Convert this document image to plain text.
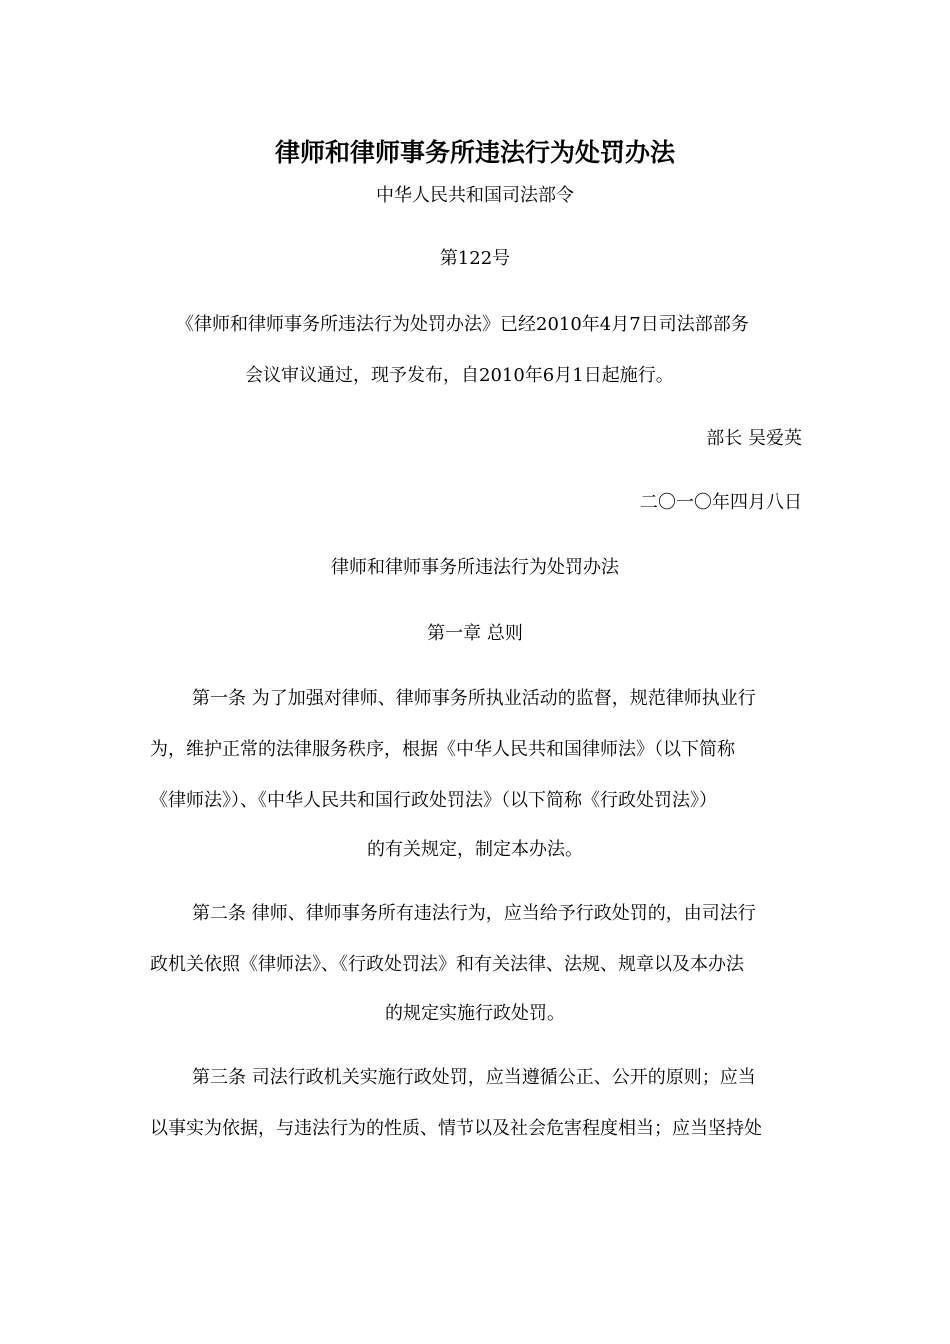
律师和律师事务所违法行为处罚办法
中华人民共和国司法部令
第122号
《律师和律师事务所违法行为处罚办法》已经2010年4月7日司法部部务
会议审议通过，现予发布，自2010年6月1日起施行。
部长 吴爱英
二〇一〇年四月八日
律师和律师事务所违法行为处罚办法
第一章 总则
第一条 为了加强对律师、律师事务所执业活动的监督，规范律师执业行
为，维护正常的法律服务秩序，根据《中华人民共和国律师法》（以下简称
《律师法》）、《中华人民共和国行政处罚法》（以下简称《行政处罚法》）
的有关规定，制定本办法。
第二条 律师、律师事务所有违法行为，应当给予行政处罚的，由司法行
政机关依照《律师法》、《行政处罚法》和有关法律、法规、规章以及本办法
的规定实施行政处罚。
第三条 司法行政机关实施行政处罚，应当遵循公正、公开的原则；应当
以事实为依据，与违法行为的性质、情节以及社会危害程度相当；应当坚持处
